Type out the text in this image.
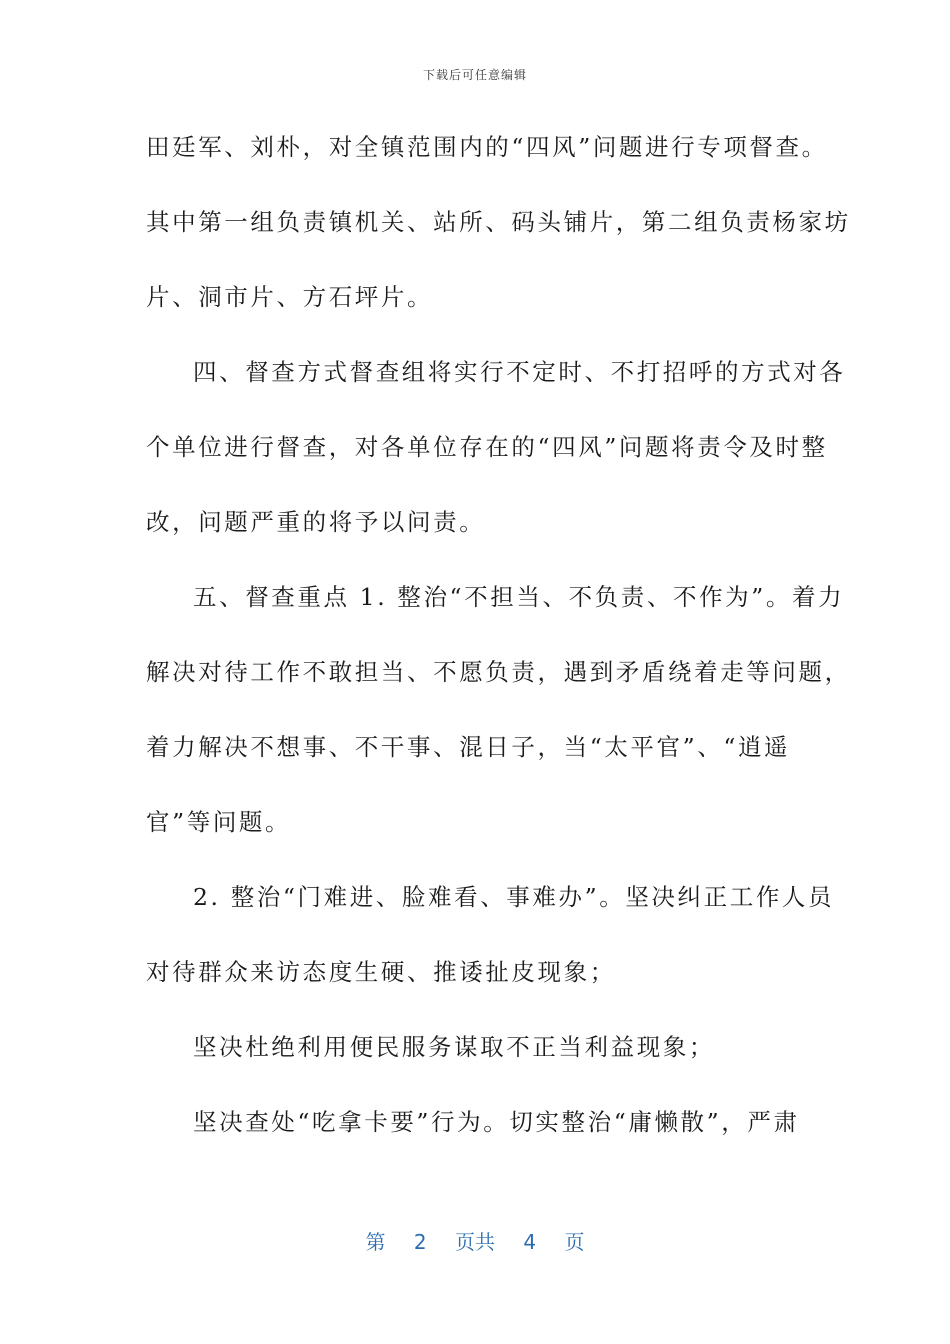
下载后可任意编辑
田廷军、刘朴，对全镇范围内的“四风”问题进行专项督查。
其中第一组负责镇机关、站所、码头铺片，第二组负责杨家坊
片、洞市片、方石坪片。
四、督查方式督查组将实行不定时、不打招呼的方式对各
个单位进行督查，对各单位存在的“四风”问题将责令及时整
改，问题严重的将予以问责。
五、督查重点 1. 整治“不担当、不负责、不作为”。着力
解决对待工作不敢担当、不愿负责，遇到矛盾绕着走等问题，
着力解决不想事、不干事、混日子，当“太平官”、“逍遥
官”等问题。
2. 整治“门难进、脸难看、事难办”。坚决纠正工作人员
对待群众来访态度生硬、推诿扯皮现象；
坚决杜绝利用便民服务谋取不正当利益现象；
坚决查处“吃拿卡要”行为。切实整治“庸懒散”，严肃
第 2 页共 4 页
